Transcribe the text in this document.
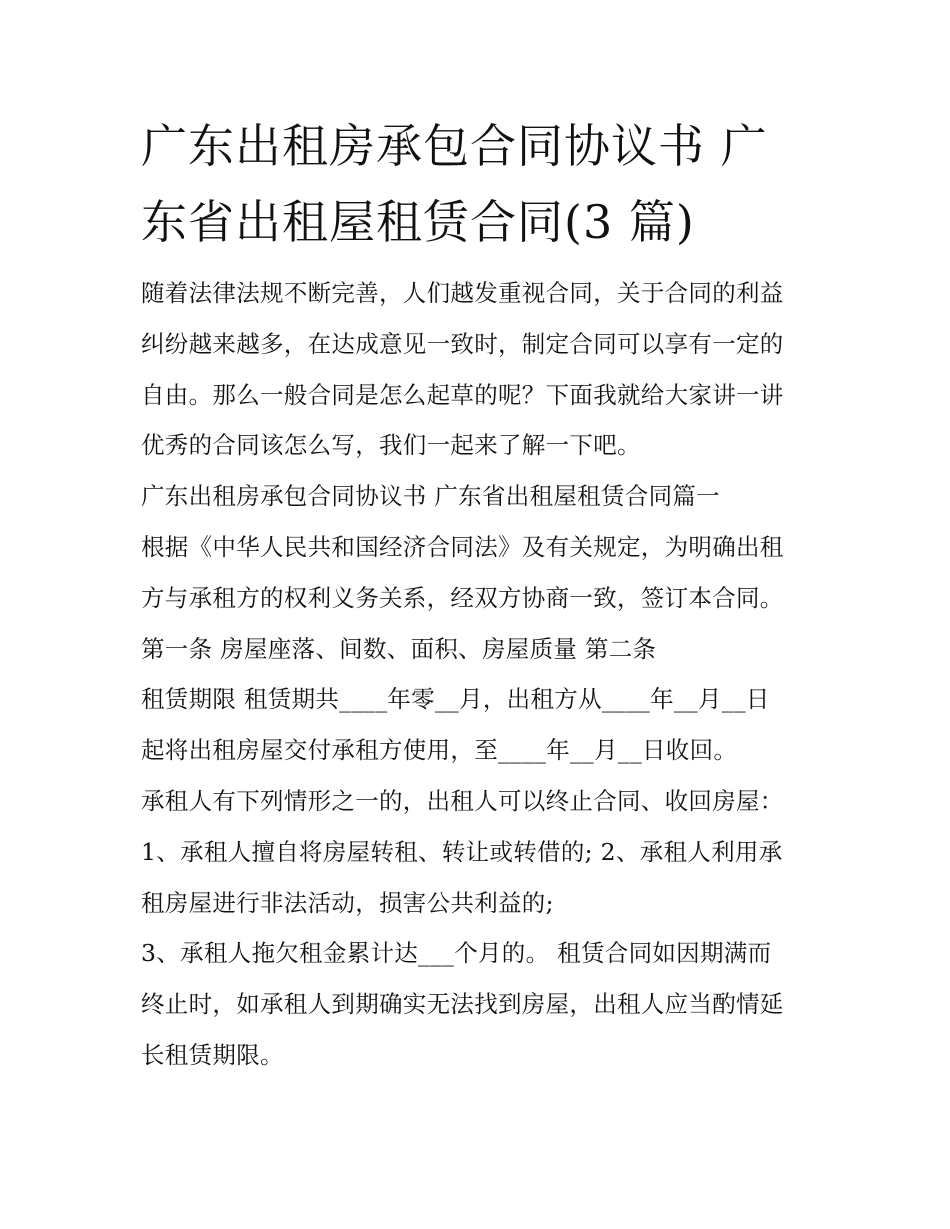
广东出租房承包合同协议书 广
东省出租屋租赁合同(3 篇)
随着法律法规不断完善，人们越发重视合同，关于合同的利益
纠纷越来越多，在达成意见一致时，制定合同可以享有一定的
自由。那么一般合同是怎么起草的呢？下面我就给大家讲一讲
优秀的合同该怎么写，我们一起来了解一下吧。
广东出租房承包合同协议书 广东省出租屋租赁合同篇一
根据《中华人民共和国经济合同法》及有关规定，为明确出租
方与承租方的权利义务关系，经双方协商一致，签订本合同。
第一条 房屋座落、间数、面积、房屋质量 第二条
租赁期限 租赁期共____年零__月，出租方从____年__月__日
起将出租房屋交付承租方使用，至____年__月__日收回。
承租人有下列情形之一的，出租人可以终止合同、收回房屋：
1、承租人擅自将房屋转租、转让或转借的; 2、承租人利用承
租房屋进行非法活动，损害公共利益的;
3、承租人拖欠租金累计达___个月的。 租赁合同如因期满而
终止时，如承租人到期确实无法找到房屋，出租人应当酌情延
长租赁期限。
